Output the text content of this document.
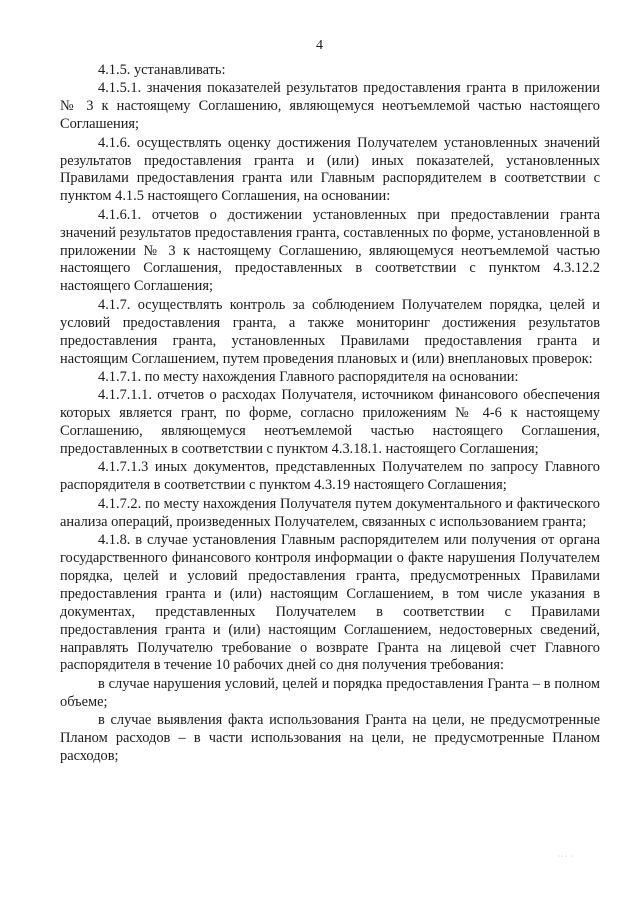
4

4.1.5. устанавливать:

4.1.5.1. значения показателей результатов предоставления гранта в приложении № 3 к настоящему Соглашению, являющемуся неотъемлемой частью настоящего Соглашения;

4.1.6. осуществлять оценку достижения Получателем установленных значений результатов предоставления гранта и (или) иных показателей, установленных Правилами предоставления гранта или Главным распорядителем в соответствии с пунктом 4.1.5 настоящего Соглашения, на основании:

4.1.6.1. отчетов о достижении установленных при предоставлении гранта значений результатов предоставления гранта, составленных по форме, установленной в приложении № 3 к настоящему Соглашению, являющемуся неотъемлемой частью настоящего Соглашения, предоставленных в соответствии с пунктом 4.3.12.2 настоящего Соглашения;

4.1.7. осуществлять контроль за соблюдением Получателем порядка, целей и условий предоставления гранта, а также мониторинг достижения результатов предоставления гранта, установленных Правилами предоставления гранта и настоящим Соглашением, путем проведения плановых и (или) внеплановых проверок:

4.1.7.1. по месту нахождения Главного распорядителя на основании:

4.1.7.1.1. отчетов о расходах Получателя, источником финансового обеспечения которых является грант, по форме, согласно приложениям № 4-6 к настоящему Соглашению, являющемуся неотъемлемой частью настоящего Соглашения, предоставленных в соответствии с пунктом 4.3.18.1. настоящего Соглашения;

4.1.7.1.3 иных документов, представленных Получателем по запросу Главного распорядителя в соответствии с пунктом 4.3.19 настоящего Соглашения;

4.1.7.2. по месту нахождения Получателя путем документального и фактического анализа операций, произведенных Получателем, связанных с использованием гранта;

4.1.8. в случае установления Главным распорядителем или получения от органа государственного финансового контроля информации о факте нарушения Получателем порядка, целей и условий предоставления гранта, предусмотренных Правилами предоставления гранта и (или) настоящим Соглашением, в том числе указания в документах, представленных Получателем в соответствии с Правилами предоставления гранта и (или) настоящим Соглашением, недостоверных сведений, направлять Получателю требование о возврате Гранта на лицевой счет Главного распорядителя в течение 10 рабочих дней со дня получения требования:

в случае нарушения условий, целей и порядка предоставления Гранта – в полном объеме;

в случае выявления факта использования Гранта на цели, не предусмотренные Планом расходов – в части использования на цели, не предусмотренные Планом расходов;

··‧ ·
